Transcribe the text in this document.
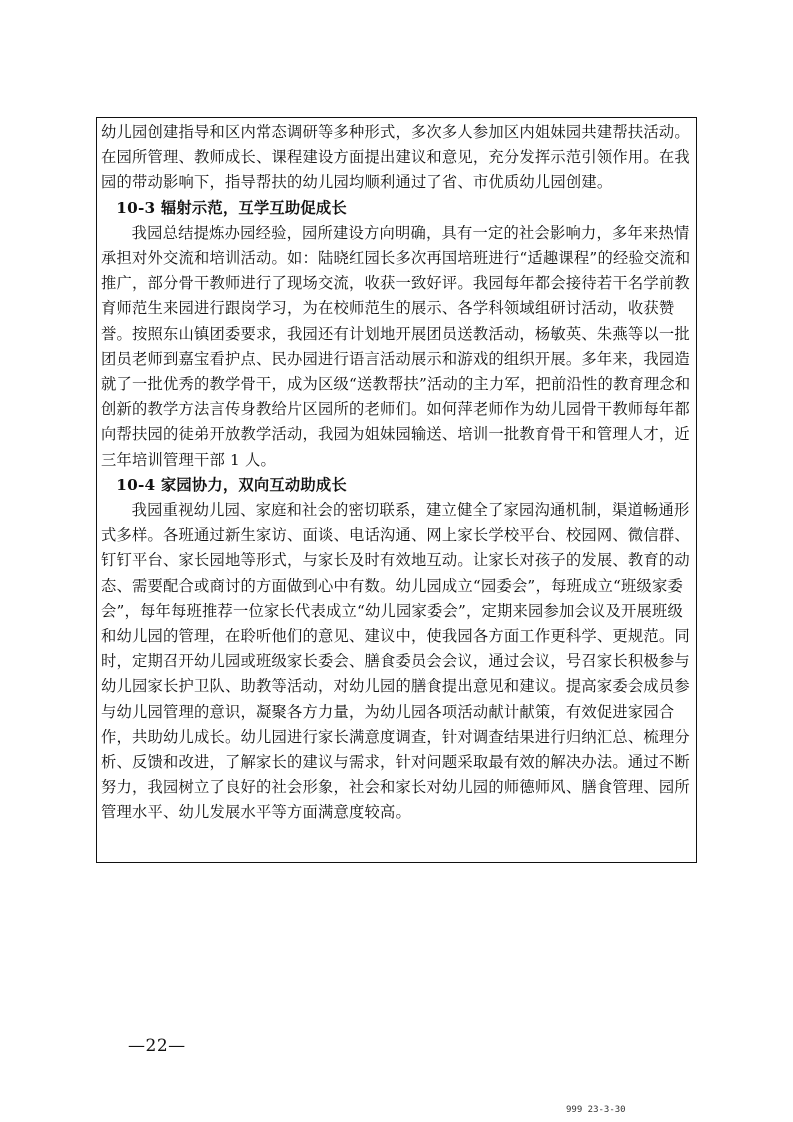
幼儿园创建指导和区内常态调研等多种形式，多次多人参加区内姐妹园共建帮扶活动。在园所管理、教师成长、课程建设方面提出建议和意见，充分发挥示范引领作用。在我园的带动影响下，指导帮扶的幼儿园均顺利通过了省、市优质幼儿园创建。

10-3 辐射示范，互学互助促成长

我园总结提炼办园经验，园所建设方向明确，具有一定的社会影响力，多年来热情承担对外交流和培训活动。如：陆晓红园长多次再国培班进行“适趣课程”的经验交流和推广，部分骨干教师进行了现场交流，收获一致好评。我园每年都会接待若干名学前教育师范生来园进行跟岗学习，为在校师范生的展示、各学科领域组研讨活动，收获赞誉。按照东山镇团委要求，我园还有计划地开展团员送教活动，杨敏英、朱燕等以一批团员老师到嘉宝看护点、民办园进行语言活动展示和游戏的组织开展。多年来，我园造就了一批优秀的教学骨干，成为区级“送教帮扶”活动的主力军，把前沿性的教育理念和创新的教学方法言传身教给片区园所的老师们。如何萍老师作为幼儿园骨干教师每年都向帮扶园的徒弟开放教学活动，我园为姐妹园输送、培训一批教育骨干和管理人才，近三年培训管理干部 1 人。

10-4 家园协力，双向互动助成长

我园重视幼儿园、家庭和社会的密切联系，建立健全了家园沟通机制，渠道畅通形式多样。各班通过新生家访、面谈、电话沟通、网上家长学校平台、校园网、微信群、钉钉平台、家长园地等形式，与家长及时有效地互动。让家长对孩子的发展、教育的动态、需要配合或商讨的方面做到心中有数。幼儿园成立“园委会”，每班成立“班级家委会”，每年每班推荐一位家长代表成立“幼儿园家委会”，定期来园参加会议及开展班级和幼儿园的管理，在聆听他们的意见、建议中，使我园各方面工作更科学、更规范。同时，定期召开幼儿园或班级家长委会、膳食委员会会议，通过会议，号召家长积极参与幼儿园家长护卫队、助教等活动，对幼儿园的膳食提出意见和建议。提高家委会成员参与幼儿园管理的意识，凝聚各方力量，为幼儿园各项活动献计献策，有效促进家园合作，共助幼儿成长。幼儿园进行家长满意度调查，针对调查结果进行归纳汇总、梳理分析、反馈和改进，了解家长的建议与需求，针对问题采取最有效的解决办法。通过不断努力，我园树立了良好的社会形象，社会和家长对幼儿园的师德师风、膳食管理、园所管理水平、幼儿发展水平等方面满意度较高。

—22—
999 23-3-30
